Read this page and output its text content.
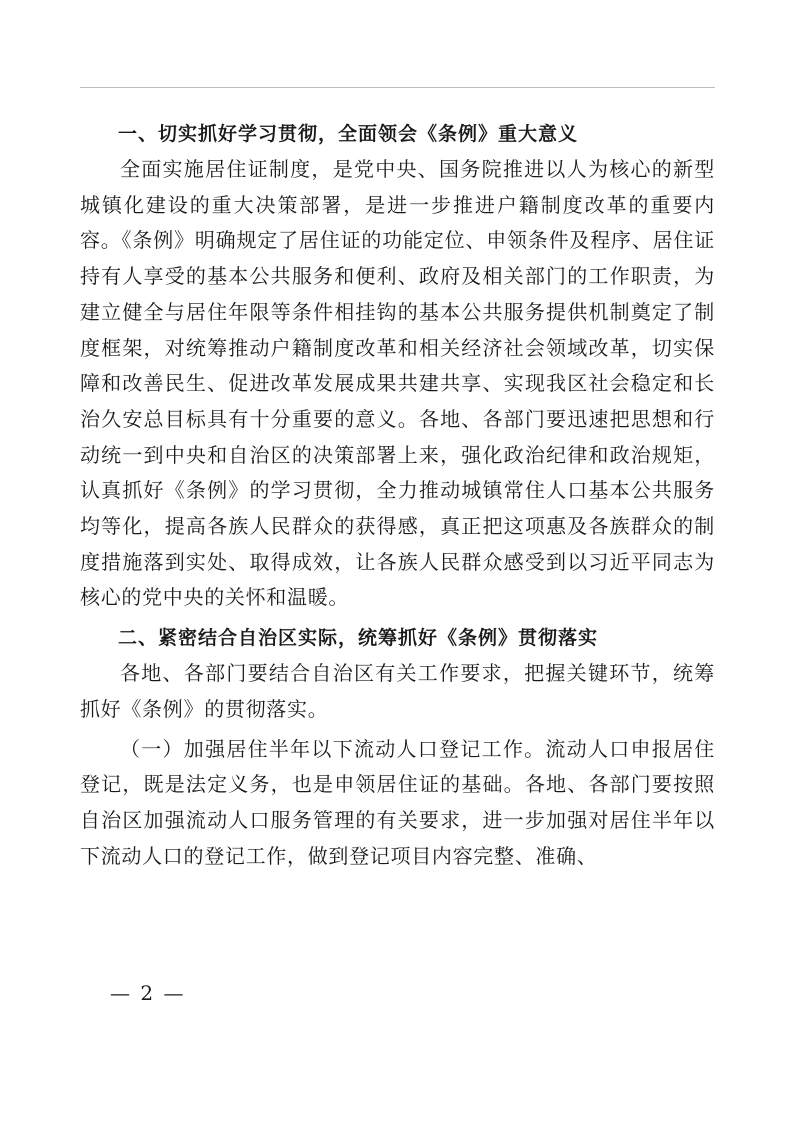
一、切实抓好学习贯彻，全面领会《条例》重大意义

全面实施居住证制度，是党中央、国务院推进以人为核心的新型城镇化建设的重大决策部署，是进一步推进户籍制度改革的重要内容。《条例》明确规定了居住证的功能定位、申领条件及程序、居住证持有人享受的基本公共服务和便利、政府及相关部门的工作职责，为建立健全与居住年限等条件相挂钩的基本公共服务提供机制奠定了制度框架，对统筹推动户籍制度改革和相关经济社会领域改革，切实保障和改善民生、促进改革发展成果共建共享、实现我区社会稳定和长治久安总目标具有十分重要的意义。各地、各部门要迅速把思想和行动统一到中央和自治区的决策部署上来，强化政治纪律和政治规矩，认真抓好《条例》的学习贯彻，全力推动城镇常住人口基本公共服务均等化，提高各族人民群众的获得感，真正把这项惠及各族群众的制度措施落到实处、取得成效，让各族人民群众感受到以习近平同志为核心的党中央的关怀和温暖。

二、紧密结合自治区实际，统筹抓好《条例》贯彻落实

各地、各部门要结合自治区有关工作要求，把握关键环节，统筹抓好《条例》的贯彻落实。

（一）加强居住半年以下流动人口登记工作。流动人口申报居住登记，既是法定义务，也是申领居住证的基础。各地、各部门要按照自治区加强流动人口服务管理的有关要求，进一步加强对居住半年以下流动人口的登记工作，做到登记项目内容完整、准确、

— 2 —
